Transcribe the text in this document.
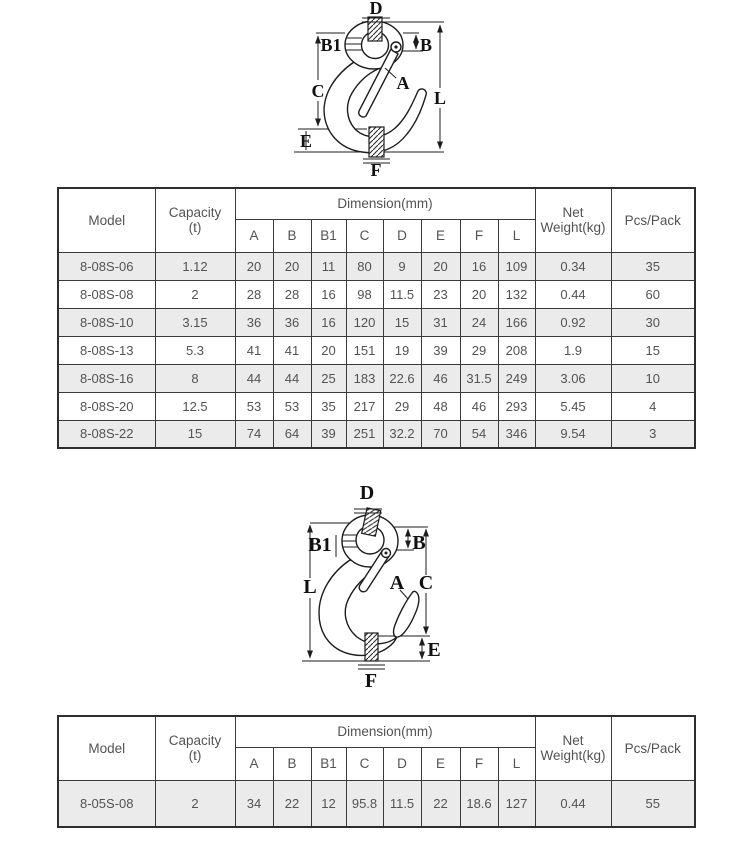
D
B1	B
C	A
L
E
F
Model	Capacity
(t)
	Dimension(mm)	
Net
Weight(kg)	Pcs/Pack
		A	B	B1	C	D	E	F	L		
8-08S-06	1.12	20	20	11	80	9	20	16	109	0.34	35
8-08S-08	2	28	28	16	98	11.5	23	20	132	0.44	60
8-08S-10	3.15	36	36	16	120	15	31	24	166	0.92	30
8-08S-13	5.3	41	41	20	151	19	39	29	208	1.9	15
8-08S-16	8	44	44	25	183	22.6	46	31.5	249	3.06	10
8-08S-20	12.5	53	53	35	217	29	48	46	293	5.45	4
8-08S-22	15	74	64	39	251	32.2	70	54	346	9.54	3
D
B1	B
L	A C
E
F
Model	Capacity
(t)
	Dimension(mm)	
Net
Weight(kg)	Pcs/Pack
		A	B	B1	C	D	E	F	L		
8-05S-08	2	34	22	12	95.8	11.5	22	18.6	127	0.44	55
